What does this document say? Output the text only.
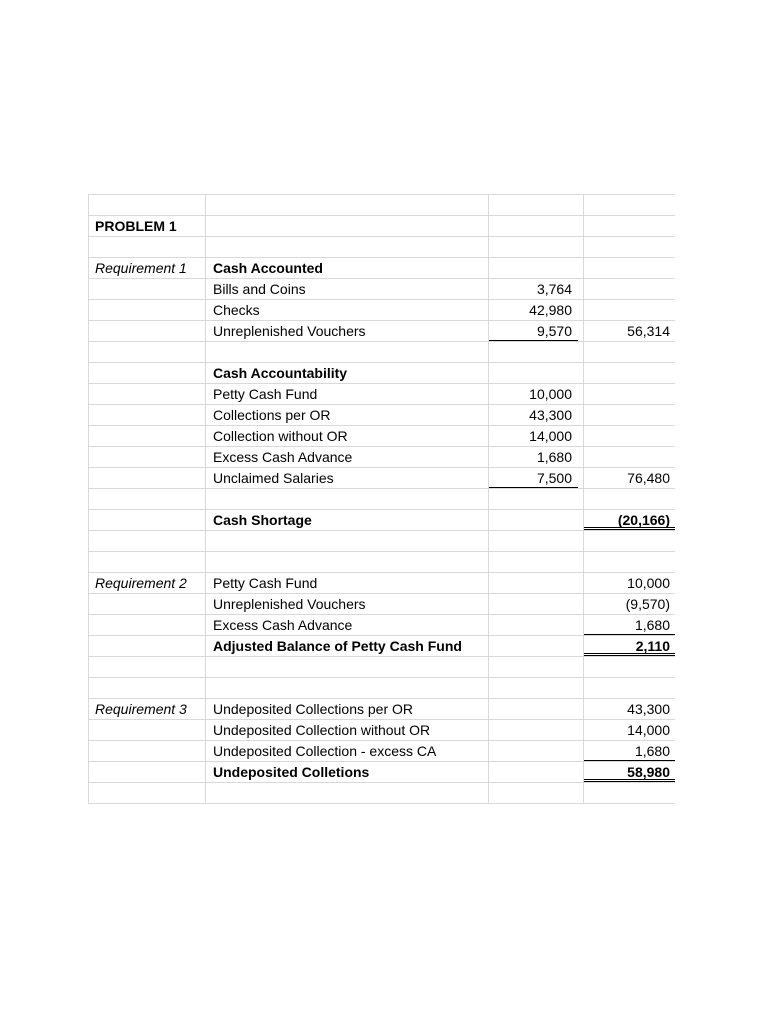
PROBLEM 1
Requirement 1	Cash Accounted
Bills and Coins	3,764
Checks	42,980
Unreplenished Vouchers	9,570	56,314
Cash Accountability
Petty Cash Fund	10,000
Collections per OR	43,300
Collection without OR	14,000
Excess Cash Advance	1,680
Unclaimed Salaries	7,500	76,480
Cash Shortage	(20,166)
Requirement 2	Petty Cash Fund	10,000
Unreplenished Vouchers	(9,570)
Excess Cash Advance	1,680
Adjusted Balance of Petty Cash Fund	2,110
Requirement 3	Undeposited Collections per OR	43,300
Undeposited Collection without OR	14,000
Undeposited Collection - excess CA	1,680
Undeposited Colletions	58,980
